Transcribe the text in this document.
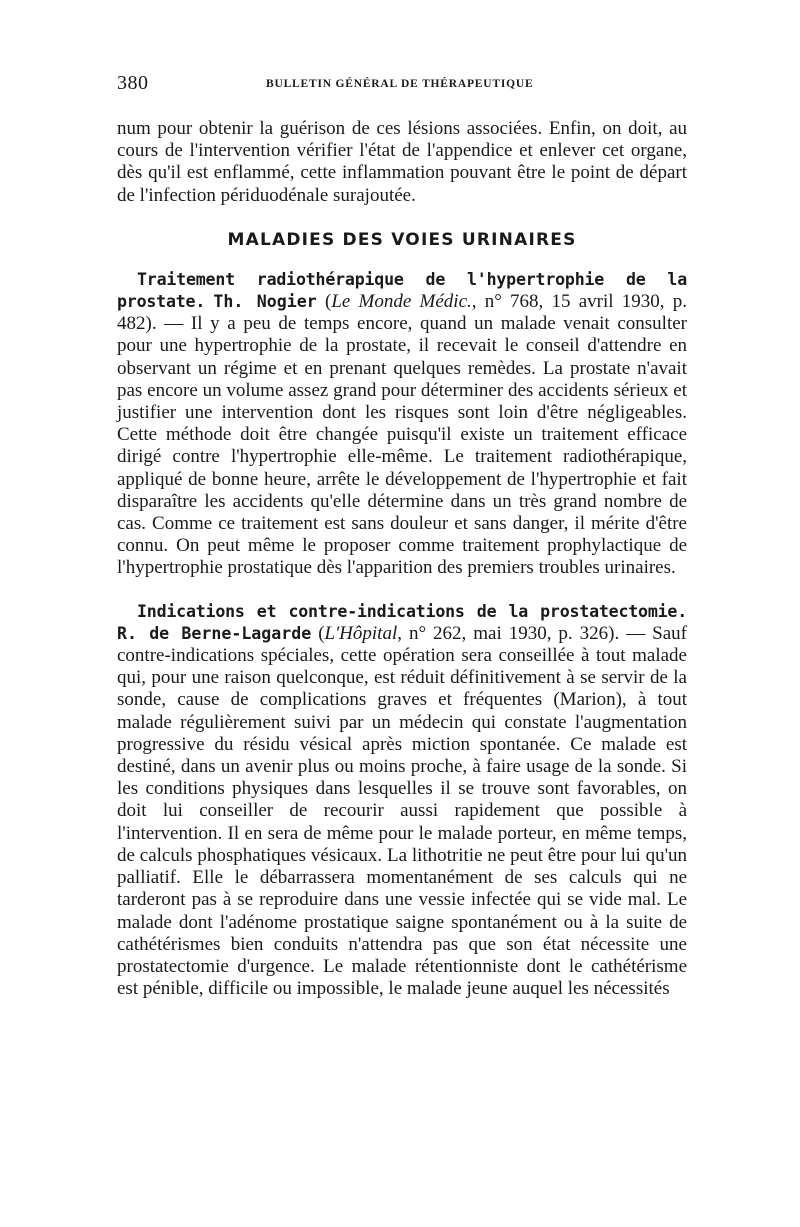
380	BULLETIN GÉNÉRAL DE THÉRAPEUTIQUE

num pour obtenir la guérison de ces lésions associées. Enfin, on doit, au cours de l'intervention vérifier l'état de l'appendice et enlever cet organe, dès qu'il est enflammé, cette inflammation pouvant être le point de départ de l'infection périduodénale surajoutée.

MALADIES DES VOIES URINAIRES

Traitement radiothérapique de l'hypertrophie de la prostate. Th. Nogier (Le Monde Médic., n° 768, 15 avril 1930, p. 482). — Il y a peu de temps encore, quand un malade venait consulter pour une hypertrophie de la prostate, il recevait le conseil d'attendre en observant un régime et en prenant quelques remèdes. La prostate n'avait pas encore un volume assez grand pour déterminer des accidents sérieux et justifier une intervention dont les risques sont loin d'être négligeables. Cette méthode doit être changée puisqu'il existe un traitement efficace dirigé contre l'hypertrophie elle-même. Le traitement radiothérapique, appliqué de bonne heure, arrête le développement de l'hypertrophie et fait disparaître les accidents qu'elle détermine dans un très grand nombre de cas. Comme ce traitement est sans douleur et sans danger, il mérite d'être connu. On peut même le proposer comme traitement prophylactique de l'hypertrophie prostatique dès l'apparition des premiers troubles urinaires.

Indications et contre-indications de la prostatectomie. R. de Berne-Lagarde (L'Hôpital, n° 262, mai 1930, p. 326). — Sauf contre-indications spéciales, cette opération sera conseillée à tout malade qui, pour une raison quelconque, est réduit définitivement à se servir de la sonde, cause de complications graves et fréquentes (Marion), à tout malade régulièrement suivi par un médecin qui constate l'augmentation progressive du résidu vésical après miction spontanée. Ce malade est destiné, dans un avenir plus ou moins proche, à faire usage de la sonde. Si les conditions physiques dans lesquelles il se trouve sont favorables, on doit lui conseiller de recourir aussi rapidement que possible à l'intervention. Il en sera de même pour le malade porteur, en même temps, de calculs phosphatiques vésicaux. La lithotritie ne peut être pour lui qu'un palliatif. Elle le débarrassera momentanément de ses calculs qui ne tarderont pas à se reproduire dans une vessie infectée qui se vide mal. Le malade dont l'adénome prostatique saigne spontanément ou à la suite de cathétérismes bien conduits n'attendra pas que son état nécessite une prostatectomie d'urgence. Le malade rétentionniste dont le cathétérisme est pénible, difficile ou impossible, le malade jeune auquel les nécessités
